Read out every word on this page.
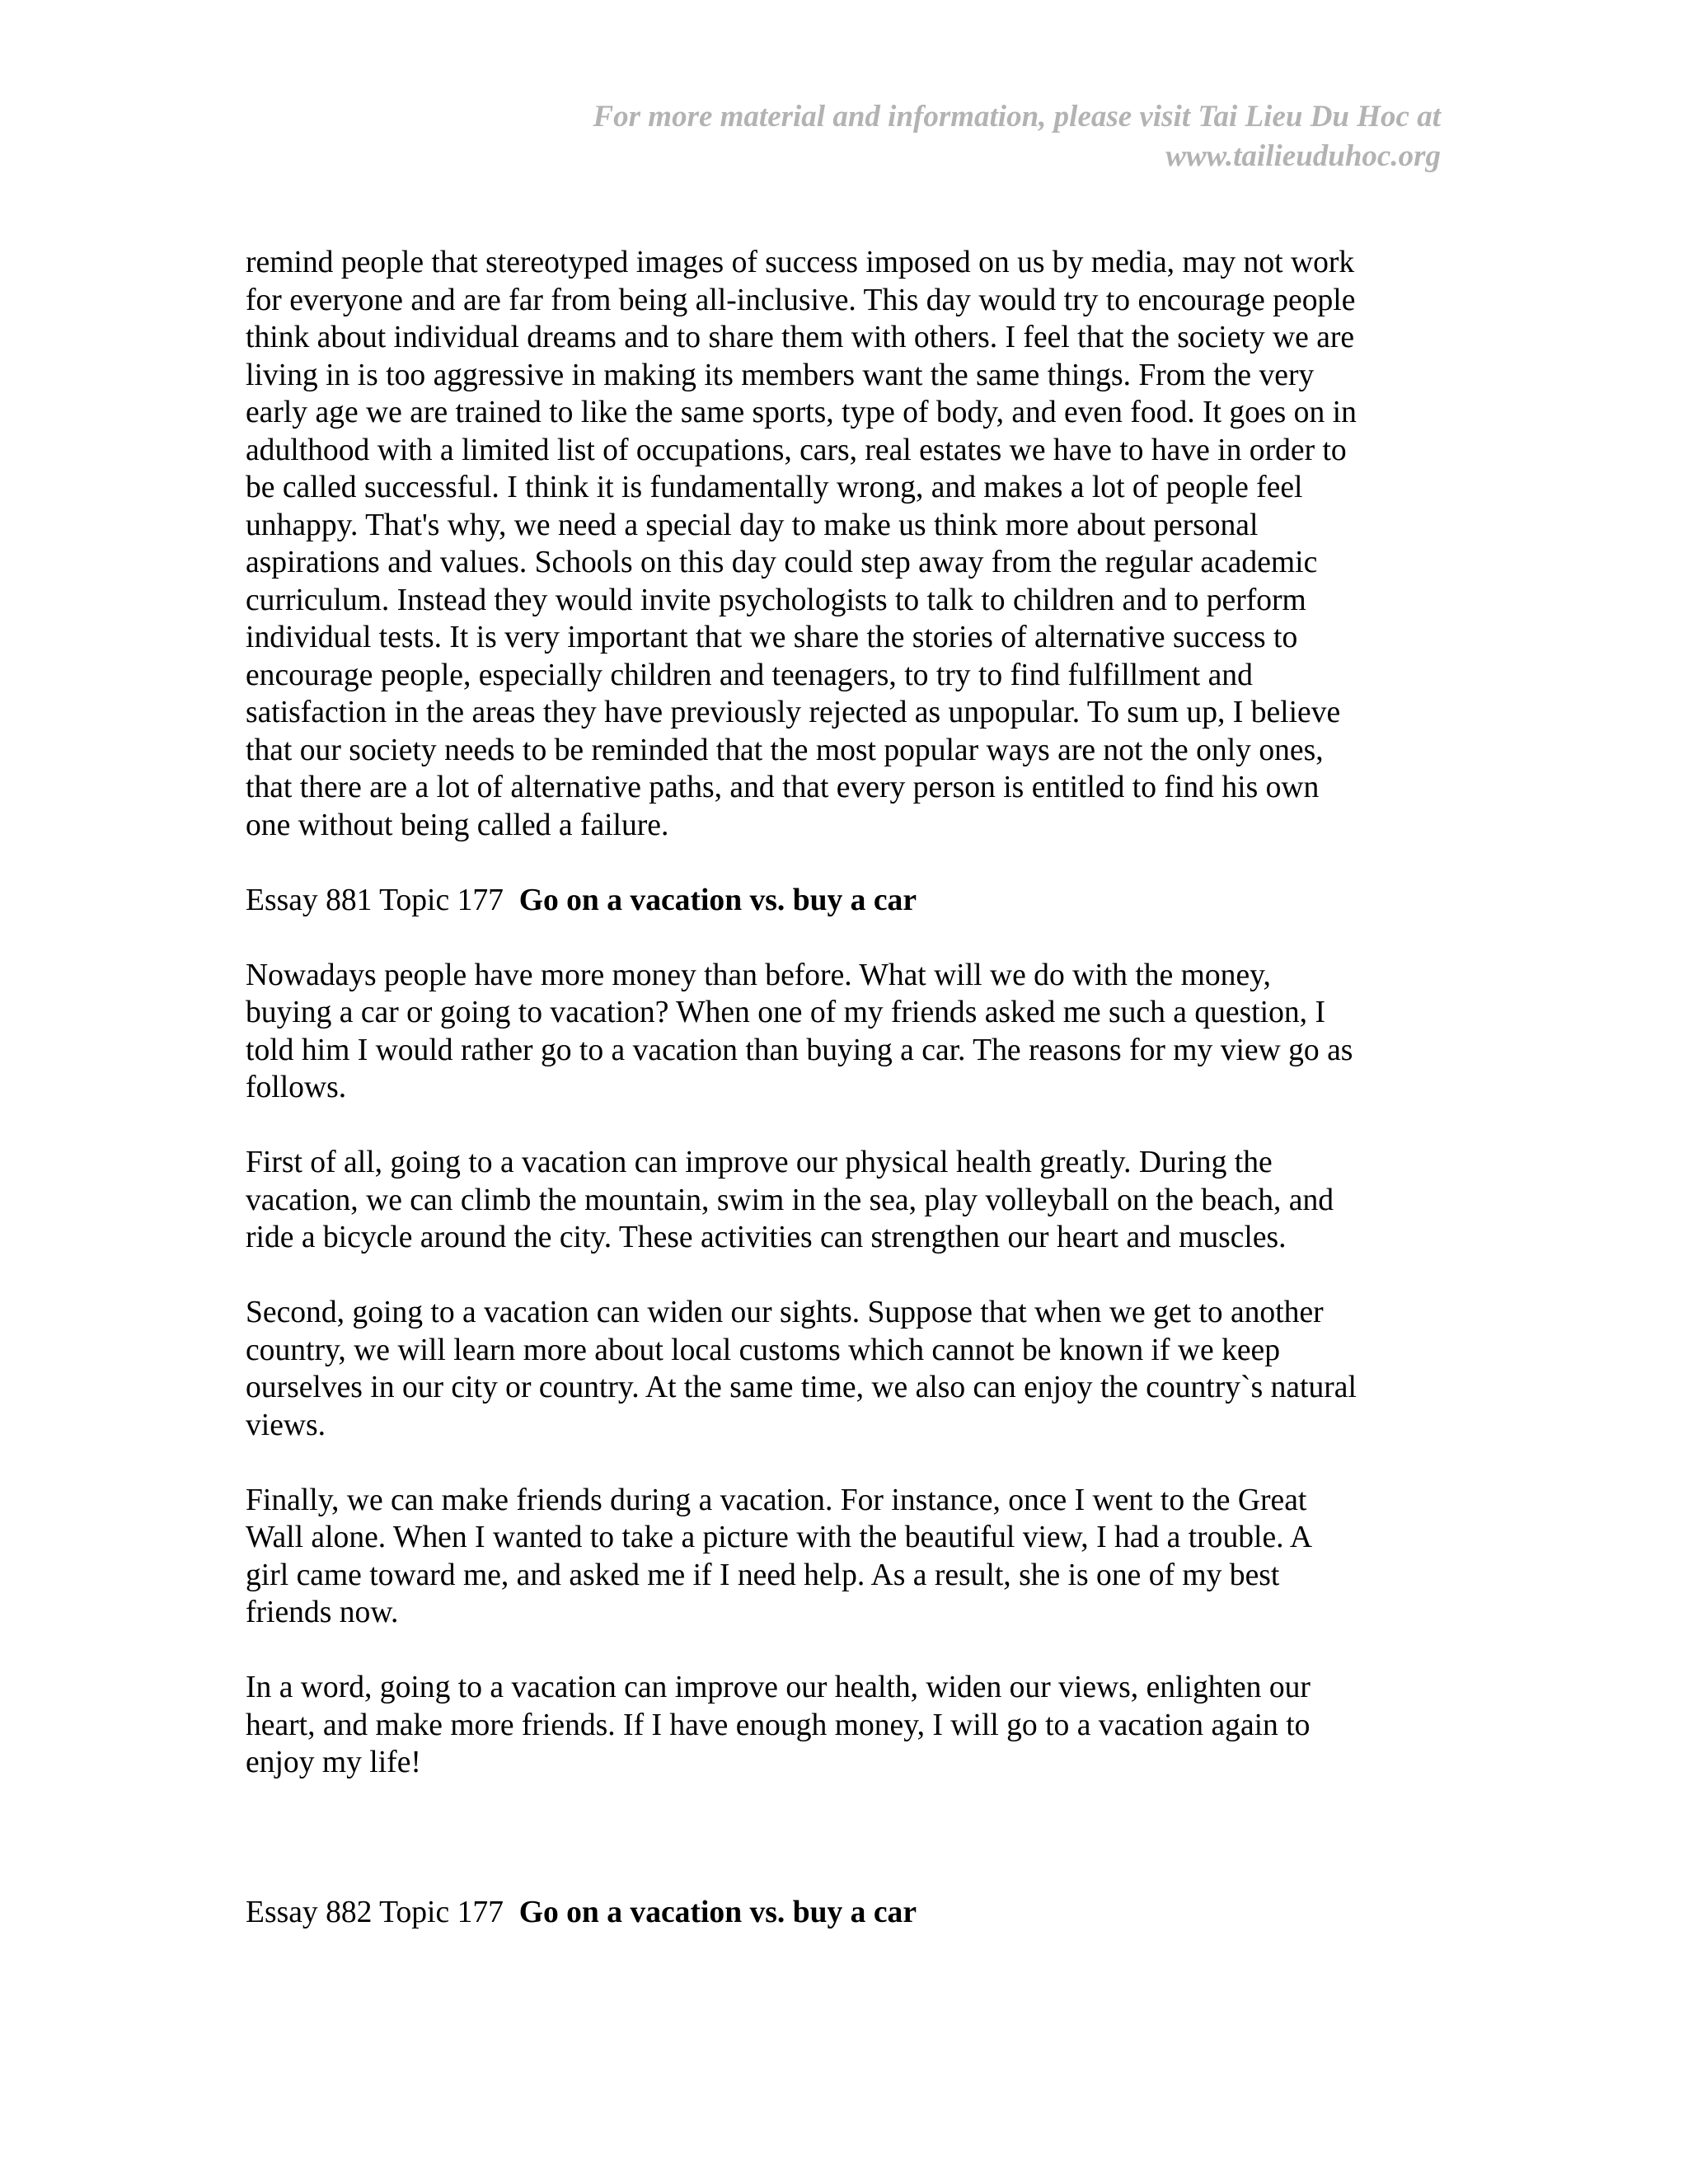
For more material and information, please visit Tai Lieu Du Hoc at
www.tailieuduhoc.org

remind people that stereotyped images of success imposed on us by media, may not work
for everyone and are far from being all-inclusive. This day would try to encourage people
think about individual dreams and to share them with others. I feel that the society we are
living in is too aggressive in making its members want the same things. From the very
early age we are trained to like the same sports, type of body, and even food. It goes on in
adulthood with a limited list of occupations, cars, real estates we have to have in order to
be called successful. I think it is fundamentally wrong, and makes a lot of people feel
unhappy. That's why, we need a special day to make us think more about personal
aspirations and values. Schools on this day could step away from the regular academic
curriculum. Instead they would invite psychologists to talk to children and to perform
individual tests. It is very important that we share the stories of alternative success to
encourage people, especially children and teenagers, to try to find fulfillment and
satisfaction in the areas they have previously rejected as unpopular. To sum up, I believe
that our society needs to be reminded that the most popular ways are not the only ones,
that there are a lot of alternative paths, and that every person is entitled to find his own
one without being called a failure.

Essay 881 Topic 177 Go on a vacation vs. buy a car

Nowadays people have more money than before. What will we do with the money,
buying a car or going to vacation? When one of my friends asked me such a question, I
told him I would rather go to a vacation than buying a car. The reasons for my view go as
follows.

First of all, going to a vacation can improve our physical health greatly. During the
vacation, we can climb the mountain, swim in the sea, play volleyball on the beach, and
ride a bicycle around the city. These activities can strengthen our heart and muscles.

Second, going to a vacation can widen our sights. Suppose that when we get to another
country, we will learn more about local customs which cannot be known if we keep
ourselves in our city or country. At the same time, we also can enjoy the country`s natural
views.

Finally, we can make friends during a vacation. For instance, once I went to the Great
Wall alone. When I wanted to take a picture with the beautiful view, I had a trouble. A
girl came toward me, and asked me if I need help. As a result, she is one of my best
friends now.

In a word, going to a vacation can improve our health, widen our views, enlighten our
heart, and make more friends. If I have enough money, I will go to a vacation again to
enjoy my life!

Essay 882 Topic 177 Go on a vacation vs. buy a car
